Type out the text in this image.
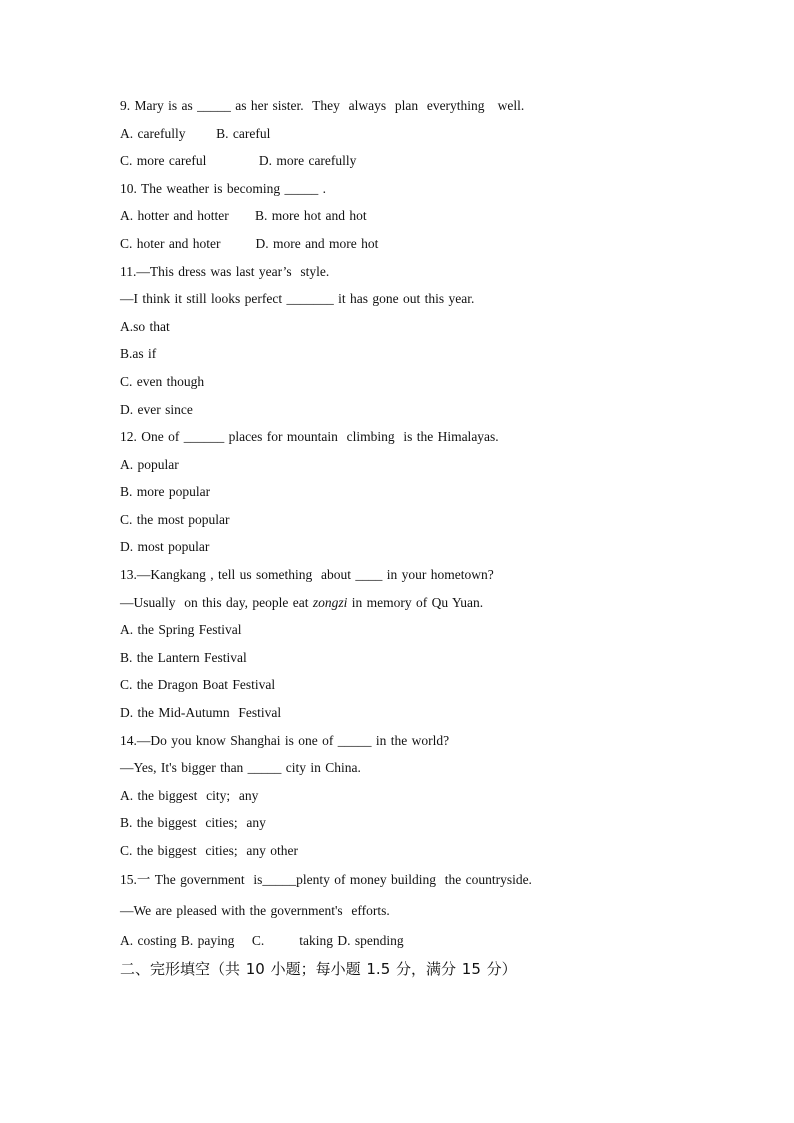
9. Mary is as _____ as her sister.  They  always  plan  everything   well.
A. carefully       B. careful
C. more careful            D. more carefully
10. The weather is becoming _____ .
A. hotter and hotter      B. more hot and hot
C. hoter and hoter        D. more and more hot
11.—This dress was last year’s  style.
—I think it still looks perfect _______ it has gone out this year.
A.so that
B.as if
C. even though
D. ever since
12. One of ______ places for mountain  climbing  is the Himalayas.
A. popular
B. more popular
C. the most popular
D. most popular
13.—Kangkang , tell us something  about ____ in your hometown?
—Usually  on this day, people eat zongzi in memory of Qu Yuan.
A. the Spring Festival
B. the Lantern Festival
C. the Dragon Boat Festival
D. the Mid-Autumn  Festival
14.—Do you know Shanghai is one of _____ in the world?
—Yes, It's bigger than _____ city in China.
A. the biggest  city;  any
B. the biggest  cities;  any
C. the biggest  cities;  any other
15.一 The government  is_____plenty of money building  the countryside.
—We are pleased with the government's  efforts.
A. costing B. paying    C.        taking D. spending
二、完形填空（共 10 小题；每小题 1.5 分，满分 15 分）
